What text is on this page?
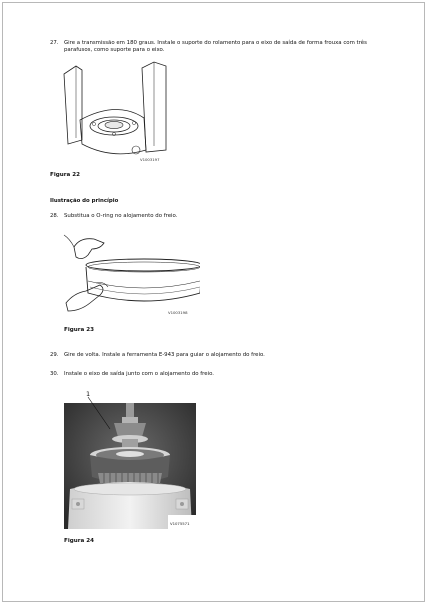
27. Gire a transmissão em 180 graus. Instale o suporte do rolamento para o eixo de saída de forma frouxa com três parafusos, como suporte para o eixo.
V1003197
Figura 22
Ilustração do princípio
28. Substitua o O-ring no alojamento do freio.
V1003198
Figura 23
29. Gire de volta. Instale a ferramenta E-943 para guiar o alojamento do freio.
30. Instale o eixo de saída junto com o alojamento do freio.
1
V1075571
Figura 24
